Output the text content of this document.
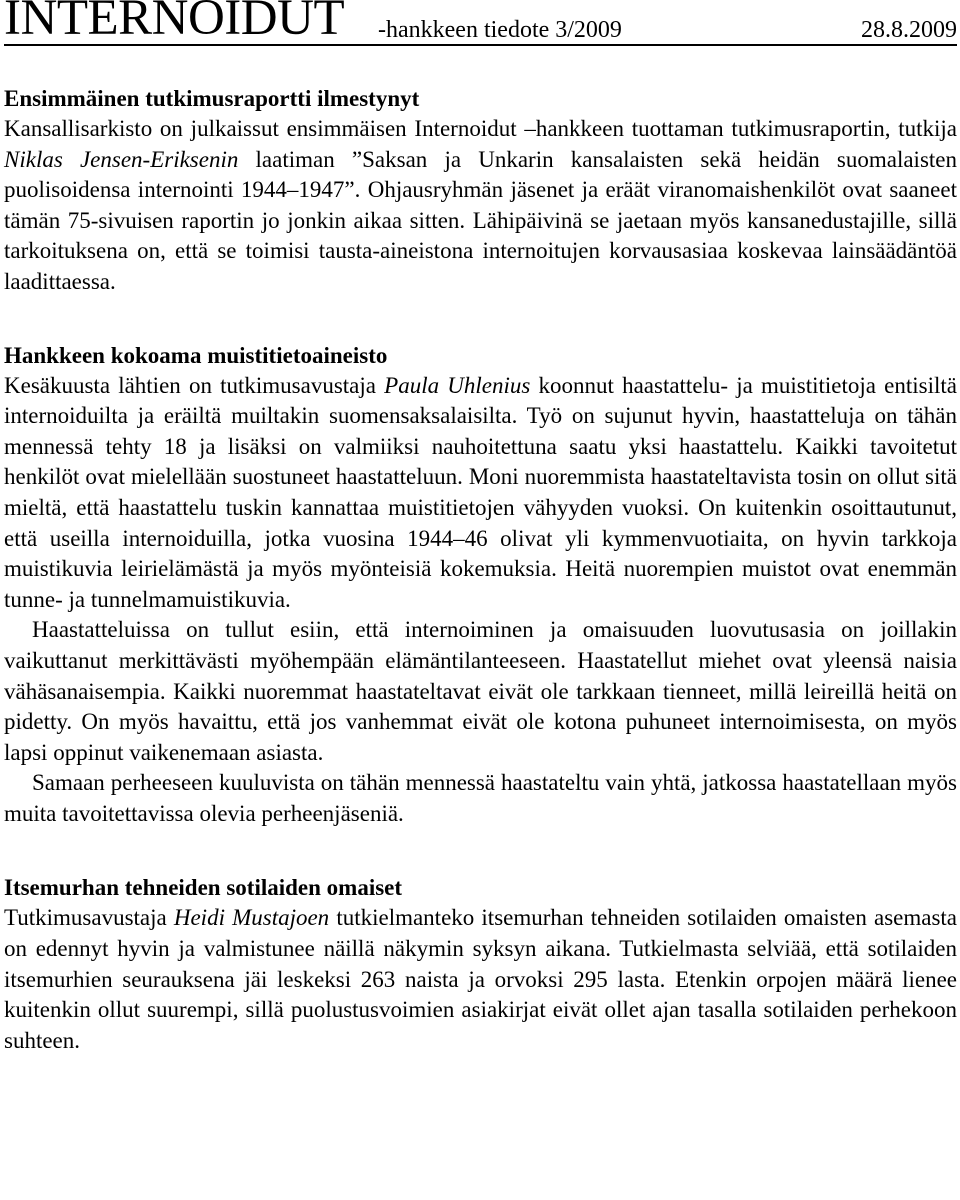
INTERNOIDUT -hankkeen tiedote 3/2009	28.8.2009
Ensimmäinen tutkimusraportti ilmestynyt

Kansallisarkisto on julkaissut ensimmäisen Internoidut –hankkeen tuottaman tutkimusraportin, tutkija Niklas Jensen-Eriksenin laatiman ”Saksan ja Unkarin kansalaisten sekä heidän suomalaisten puolisoidensa internointi 1944–1947”. Ohjausryhmän jäsenet ja eräät viranomaishenkilöt ovat saaneet tämän 75-sivuisen raportin jo jonkin aikaa sitten. Lähipäivinä se jaetaan myös kansanedustajille, sillä tarkoituksena on, että se toimisi tausta-aineistona internoitujen korvausasiaa koskevaa lainsäädäntöä laadittaessa.

Hankkeen kokoama muistitietoaineisto

Kesäkuusta lähtien on tutkimusavustaja Paula Uhlenius koonnut haastattelu- ja muistitietoja entisiltä internoiduilta ja eräiltä muiltakin suomensaksalaisilta. Työ on sujunut hyvin, haastatteluja on tähän mennessä tehty 18 ja lisäksi on valmiiksi nauhoitettuna saatu yksi haastattelu. Kaikki tavoitetut henkilöt ovat mielellään suostuneet haastatteluun. Moni nuoremmista haastateltavista tosin on ollut sitä mieltä, että haastattelu tuskin kannattaa muistitietojen vähyyden vuoksi. On kuitenkin osoittautunut, että useilla internoiduilla, jotka vuosina 1944–46 olivat yli kymmenvuotiaita, on hyvin tarkkoja muistikuvia leirielämästä ja myös myönteisiä kokemuksia. Heitä nuorempien muistot ovat enemmän tunne- ja tunnelmamuistikuvia.

Haastatteluissa on tullut esiin, että internoiminen ja omaisuuden luovutusasia on joillakin vaikuttanut merkittävästi myöhempään elämäntilanteeseen. Haastatellut miehet ovat yleensä naisia vähäsanaisempia. Kaikki nuoremmat haastateltavat eivät ole tarkkaan tienneet, millä leireillä heitä on pidetty. On myös havaittu, että jos vanhemmat eivät ole kotona puhuneet internoimisesta, on myös lapsi oppinut vaikenemaan asiasta.

Samaan perheeseen kuuluvista on tähän mennessä haastateltu vain yhtä, jatkossa haastatellaan myös muita tavoitettavissa olevia perheenjäseniä.

Itsemurhan tehneiden sotilaiden omaiset

Tutkimusavustaja Heidi Mustajoen tutkielmanteko itsemurhan tehneiden sotilaiden omaisten asemasta on edennyt hyvin ja valmistunee näillä näkymin syksyn aikana. Tutkielmasta selviää, että sotilaiden itsemurhien seurauksena jäi leskeksi 263 naista ja orvoksi 295 lasta. Etenkin orpojen määrä lienee kuitenkin ollut suurempi, sillä puolustusvoimien asiakirjat eivät ollet ajan tasalla sotilaiden perhekoon suhteen.
